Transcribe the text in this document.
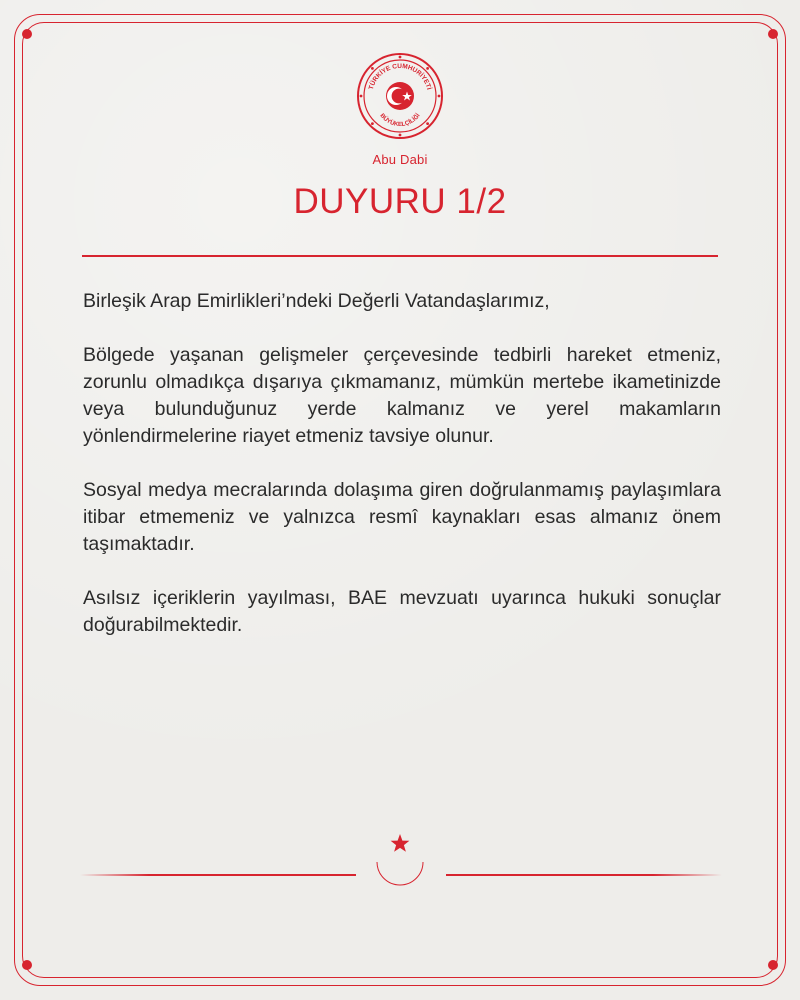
TÜRKİYE CUMHURİYETİ
BÜYÜKELÇİLİĞİ
Abu Dabi
DUYURU 1/2

Birleşik Arap Emirlikleri’ndeki Değerli Vatandaşlarımız,

Bölgede yaşanan gelişmeler çerçevesinde tedbirli hareket etmeniz, zorunlu olmadıkça dışarıya çıkmamanız, mümkün mertebe ikametinizde veya bulunduğunuz yerde kalmanız ve yerel makamların yönlendirmelerine riayet etmeniz tavsiye olunur.

Sosyal medya mecralarında dolaşıma giren doğrulanmamış paylaşımlara itibar etmemeniz ve yalnızca resmî kaynakları esas almanız önem taşımaktadır.

Asılsız içeriklerin yayılması, BAE mevzuatı uyarınca hukuki sonuçlar doğurabilmektedir.
